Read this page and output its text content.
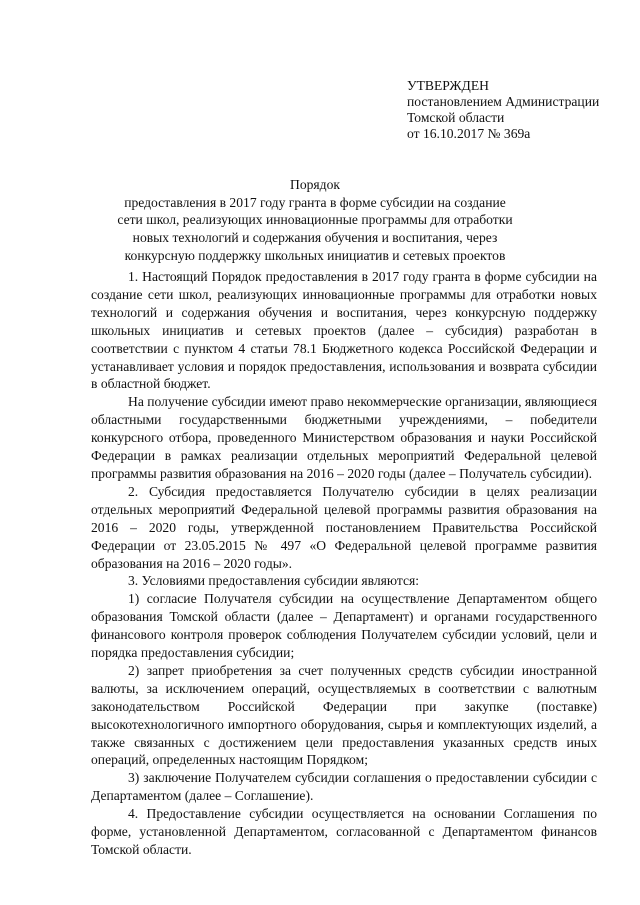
УТВЕРЖДЕН
постановлением Администрации
Томской области
от 16.10.2017 № 369а
Порядок
предоставления в 2017 году гранта в форме субсидии на создание
сети школ, реализующих инновационные программы для отработки
новых технологий и содержания обучения и воспитания, через
конкурсную поддержку школьных инициатив и сетевых проектов

1. Настоящий Порядок предоставления в 2017 году гранта в форме субсидии на создание сети школ, реализующих инновационные программы для отработки новых технологий и содержания обучения и воспитания, через конкурсную поддержку школьных инициатив и сетевых проектов (далее – субсидия) разработан в соответствии с пунктом 4 статьи 78.1 Бюджетного кодекса Российской Федерации и устанавливает условия и порядок предоставления, использования и возврата субсидии в областной бюджет.

На получение субсидии имеют право некоммерческие организации, являющиеся областными государственными бюджетными учреждениями, – победители конкурсного отбора, проведенного Министерством образования и науки Российской Федерации в рамках реализации отдельных мероприятий Федеральной целевой программы развития образования на 2016 – 2020 годы (далее – Получатель субсидии).

2. Субсидия предоставляется Получателю субсидии в целях реализации отдельных мероприятий Федеральной целевой программы развития образования на 2016 – 2020 годы, утвержденной постановлением Правительства Российской Федерации от 23.05.2015 № 497 «О Федеральной целевой программе развития образования на 2016 – 2020 годы».

3. Условиями предоставления субсидии являются:

1) согласие Получателя субсидии на осуществление Департаментом общего образования Томской области (далее – Департамент) и органами государственного финансового контроля проверок соблюдения Получателем субсидии условий, цели и порядка предоставления субсидии;

2) запрет приобретения за счет полученных средств субсидии иностранной валюты, за исключением операций, осуществляемых в соответствии с валютным законодательством Российской Федерации при закупке (поставке) высокотехнологичного импортного оборудования, сырья и комплектующих изделий, а также связанных с достижением цели предоставления указанных средств иных операций, определенных настоящим Порядком;

3) заключение Получателем субсидии соглашения о предоставлении субсидии с Департаментом (далее – Соглашение).

4. Предоставление субсидии осуществляется на основании Соглашения по форме, установленной Департаментом, согласованной с Департаментом финансов Томской области.
